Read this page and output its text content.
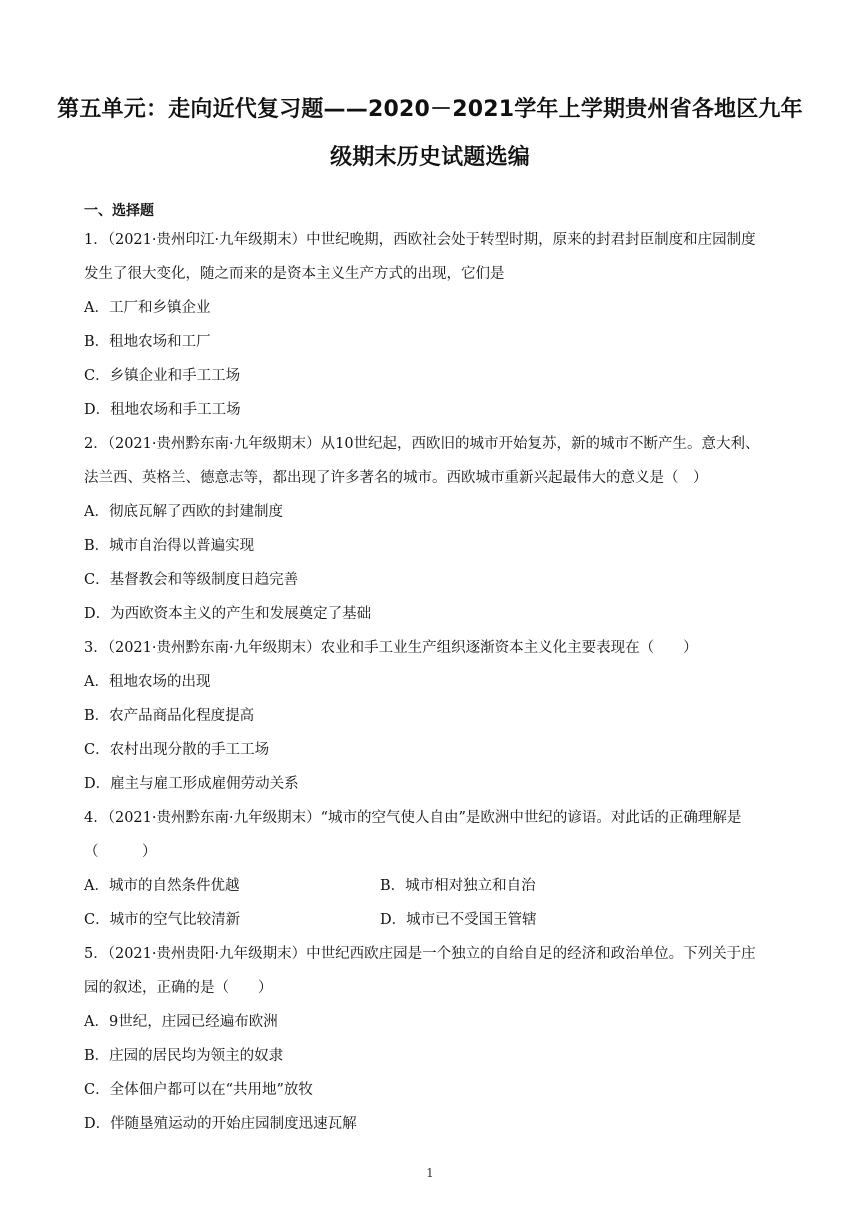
第五单元：走向近代复习题——2020－2021学年上学期贵州省各地区九年
级期末历史试题选编
一、选择题
1．（2021·贵州印江·九年级期末）中世纪晚期，西欧社会处于转型时期，原来的封君封臣制度和庄园制度
发生了很大变化，随之而来的是资本主义生产方式的出现，它们是
A．工厂和乡镇企业
B．租地农场和工厂
C．乡镇企业和手工工场
D．租地农场和手工工场
2．（2021·贵州黔东南·九年级期末）从10世纪起，西欧旧的城市开始复苏，新的城市不断产生。意大利、
法兰西、英格兰、德意志等，都出现了许多著名的城市。西欧城市重新兴起最伟大的意义是（　）
A．彻底瓦解了西欧的封建制度
B．城市自治得以普遍实现
C．基督教会和等级制度日趋完善
D．为西欧资本主义的产生和发展奠定了基础
3．（2021·贵州黔东南·九年级期末）农业和手工业生产组织逐渐资本主义化主要表现在（　　）
A．租地农场的出现
B．农产品商品化程度提高
C．农村出现分散的手工工场
D．雇主与雇工形成雇佣劳动关系
4．（2021·贵州黔东南·九年级期末）“城市的空气使人自由”是欧洲中世纪的谚语。对此话的正确理解是
（　　　）
A．城市的自然条件优越	B．城市相对独立和自治
C．城市的空气比较清新	D．城市已不受国王管辖
5．（2021·贵州贵阳·九年级期末）中世纪西欧庄园是一个独立的自给自足的经济和政治单位。下列关于庄
园的叙述，正确的是（　　）
A．9世纪，庄园已经遍布欧洲
B．庄园的居民均为领主的奴隶
C．全体佃户都可以在“共用地”放牧
D．伴随垦殖运动的开始庄园制度迅速瓦解
1
